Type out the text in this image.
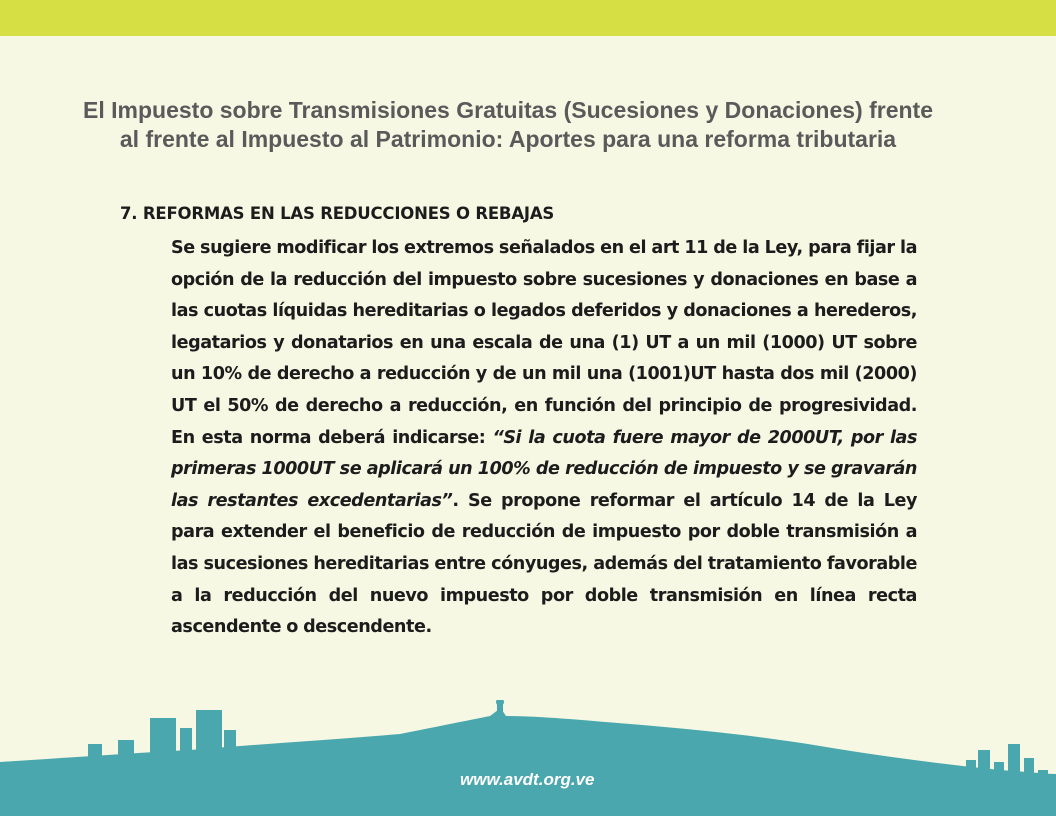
El Impuesto sobre Transmisiones Gratuitas (Sucesiones y Donaciones) frente al frente al Impuesto al Patrimonio: Aportes para una reforma tributaria
7. REFORMAS EN LAS REDUCCIONES O REBAJAS

Se sugiere modificar los extremos señalados en el art 11 de la Ley, para fijar la opción de la reducción del impuesto sobre sucesiones y donaciones en base a las cuotas líquidas hereditarias o legados deferidos y donaciones a herederos, legatarios y donatarios en una escala de una (1) UT a un mil (1000) UT sobre un 10% de derecho a reducción y de un mil una (1001)UT hasta dos mil (2000) UT el 50% de derecho a reducción, en función del principio de progresividad. En esta norma deberá indicarse: “Si la cuota fuere mayor de 2000UT, por las primeras 1000UT se aplicará un 100% de reducción de impuesto y se gravarán las restantes excedentarias”. Se propone reformar el artículo 14 de la Ley para extender el beneficio de reducción de impuesto por doble transmisión a las sucesiones hereditarias entre cónyuges, además del tratamiento favorable a la reducción del nuevo impuesto por doble transmisión en línea recta ascendente o descendente.

www.avdt.org.ve
